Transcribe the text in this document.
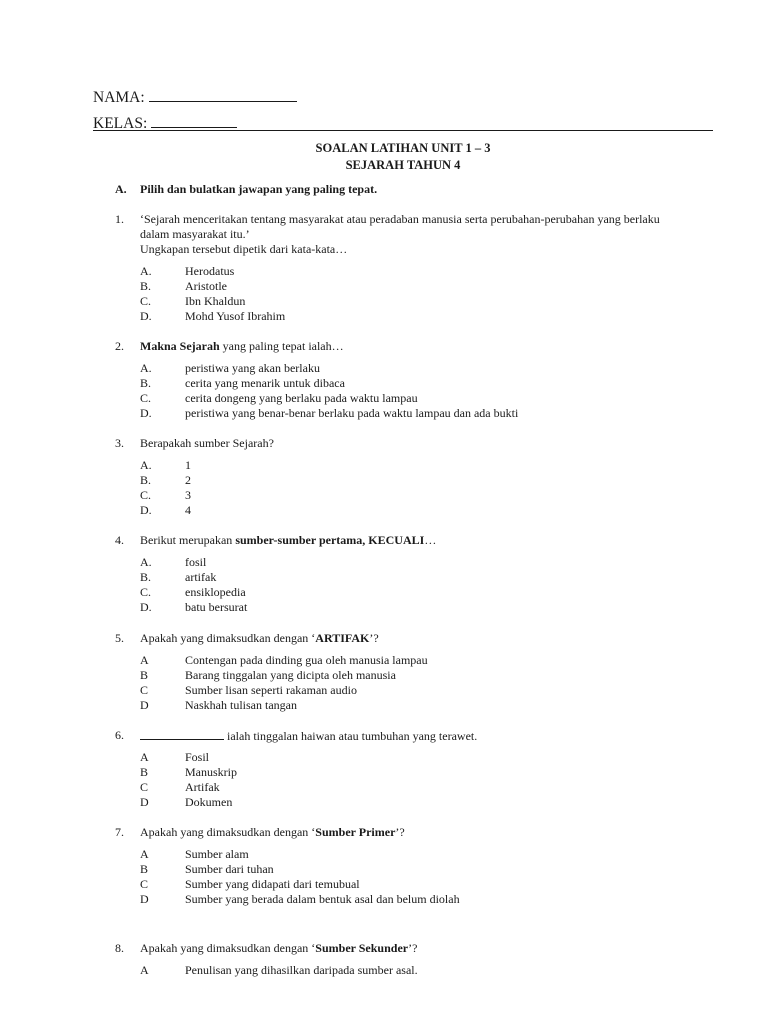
NAMA:
KELAS:
SOALAN LATIHAN UNIT 1 – 3
SEJARAH TAHUN 4
A. Pilih dan bulatkan jawapan yang paling tepat.
1. ‘Sejarah menceritakan tentang masyarakat atau peradaban manusia serta perubahan-perubahan yang berlaku
dalam masyarakat itu.’
Ungkapan tersebut dipetik dari kata-kata…
A.	Herodatus
B.	Aristotle
C.	Ibn Khaldun
D.	Mohd Yusof Ibrahim
2. Makna Sejarah yang paling tepat ialah…
A.	peristiwa yang akan berlaku
B.	cerita yang menarik untuk dibaca
C.	cerita dongeng yang berlaku pada waktu lampau
D.	peristiwa yang benar-benar berlaku pada waktu lampau dan ada bukti
3. Berapakah sumber Sejarah?
A.	1
B.	2
C.	3
D.	4
4. Berikut merupakan sumber-sumber pertama, KECUALI…
A.	fosil
B.	artifak
C.	ensiklopedia
D.	batu bersurat
5. Apakah yang dimaksudkan dengan ‘ARTIFAK’?
A	Contengan pada dinding gua oleh manusia lampau
B	Barang tinggalan yang dicipta oleh manusia
C	Sumber lisan seperti rakaman audio
D	Naskhah tulisan tangan
6.	ialah tinggalan haiwan atau tumbuhan yang terawet.
A	Fosil
B	Manuskrip
C	Artifak
D	Dokumen
7. Apakah yang dimaksudkan dengan ‘Sumber Primer’?
A	Sumber alam
B	Sumber dari tuhan
C	Sumber yang didapati dari temubual
D	Sumber yang berada dalam bentuk asal dan belum diolah
8. Apakah yang dimaksudkan dengan ‘Sumber Sekunder’?
A	Penulisan yang dihasilkan daripada sumber asal.
